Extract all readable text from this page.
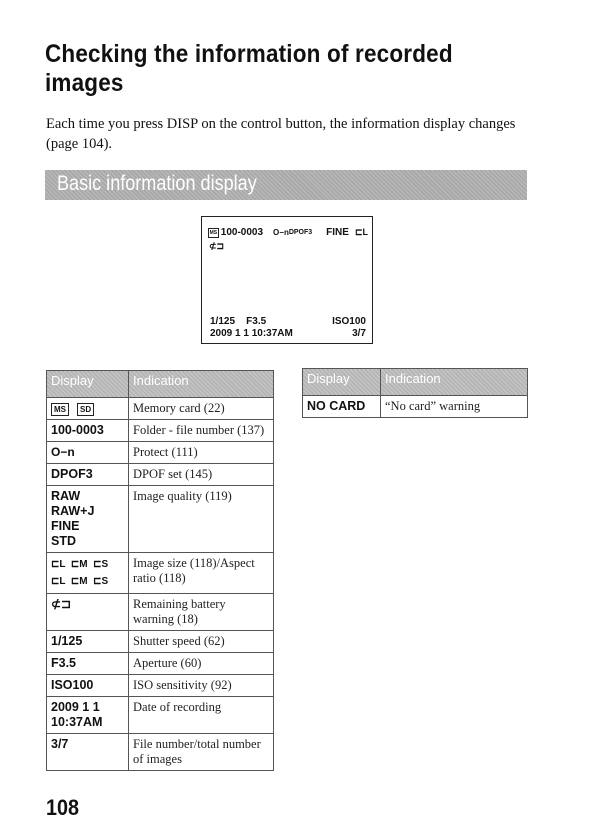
Checking the information of recorded images
Each time you press DISP on the control button, the information display changes (page 104).
Basic information display
MS 100-0003 O−n DPOF3 FINE ⊏L
⊄⊐
1/125 F3.5	ISO100
2009 1 1 10:37AM	3/7
Display	Indication
MS SD	Memory card (22)
100-0003	Folder - file number (137)
O−n	Protect (111)
DPOF3	DPOF set (145)
RAW
RAW+J
FINE
STD	Image quality (119)
⊏L  ⊏M  ⊏S
⊏L  ⊏M  ⊏S	Image size (118)/Aspect ratio (118)
⊄⊐	Remaining battery warning (18)
1/125	Shutter speed (62)
F3.5	Aperture (60)
ISO100	ISO sensitivity (92)
2009 1 1
10:37AM	Date of recording
3/7	File number/total number of images
Display	Indication
NO CARD	“No card” warning
108
